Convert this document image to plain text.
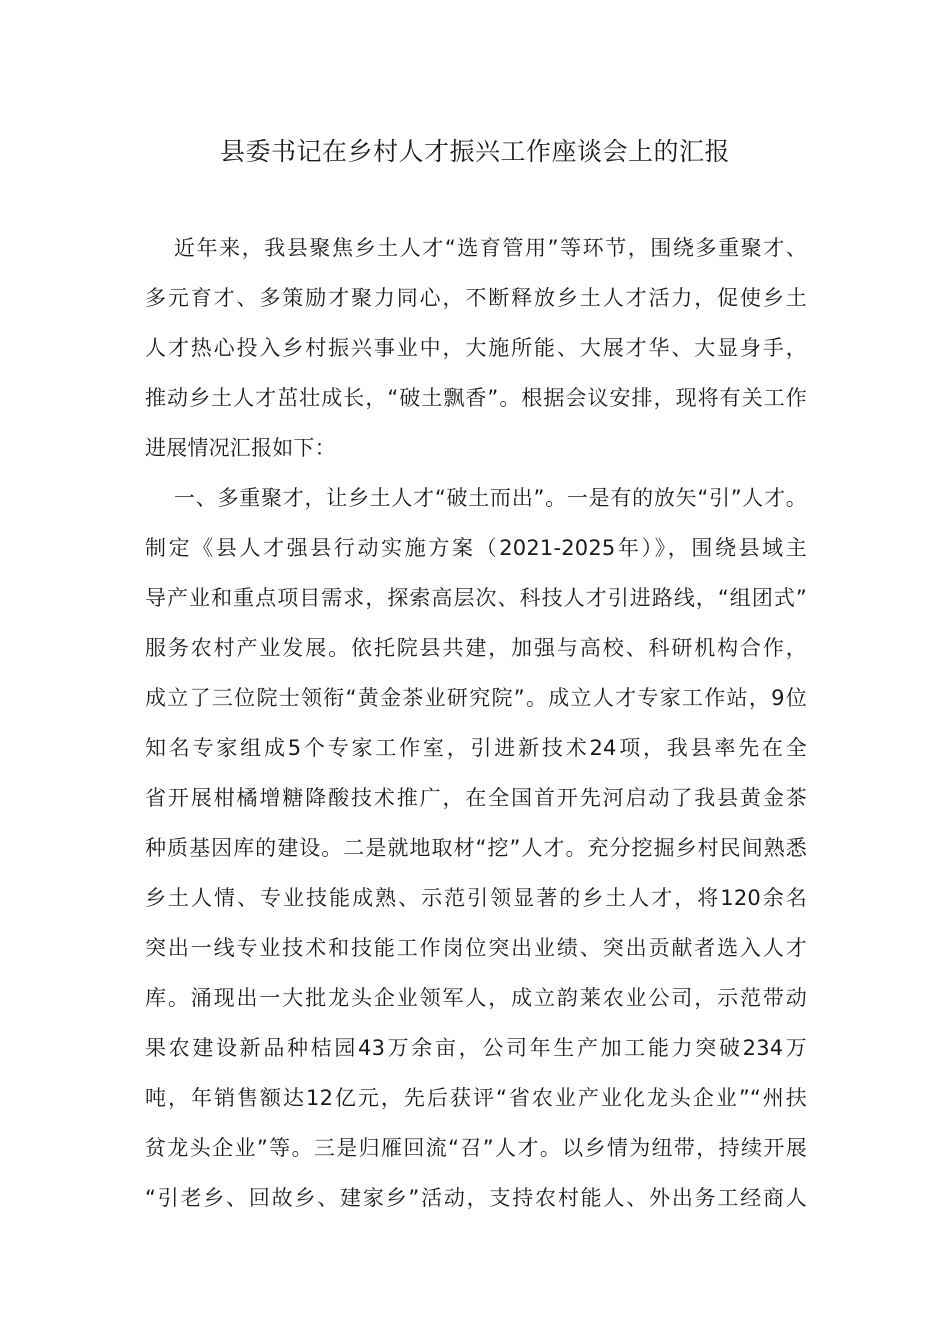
县委书记在乡村人才振兴工作座谈会上的汇报
近年来，我县聚焦乡土人才“选育管用”等环节，围绕多重聚才、
多元育才、多策励才聚力同心，不断释放乡土人才活力，促使乡土
人才热心投入乡村振兴事业中，大施所能、大展才华、大显身手，
推动乡土人才茁壮成长，“破土飘香”。根据会议安排，现将有关工作
进展情况汇报如下：
一、多重聚才，让乡土人才“破土而出”。一是有的放矢“引”人才。
制定《县人才强县行动实施方案（2021-2025年）》，围绕县域主
导产业和重点项目需求，探索高层次、科技人才引进路线，“组团式”
服务农村产业发展。依托院县共建，加强与高校、科研机构合作，
成立了三位院士领衔“黄金茶业研究院”。成立人才专家工作站，9位
知名专家组成5个专家工作室，引进新技术24项，我县率先在全
省开展柑橘增糖降酸技术推广，在全国首开先河启动了我县黄金茶
种质基因库的建设。二是就地取材“挖”人才。充分挖掘乡村民间熟悉
乡土人情、专业技能成熟、示范引领显著的乡土人才，将120余名
突出一线专业技术和技能工作岗位突出业绩、突出贡献者选入人才
库。涌现出一大批龙头企业领军人，成立韵莱农业公司，示范带动
果农建设新品种桔园43万余亩，公司年生产加工能力突破234万
吨，年销售额达12亿元，先后获评“省农业产业化龙头企业”“州扶
贫龙头企业”等。三是归雁回流“召”人才。以乡情为纽带，持续开展
“引老乡、回故乡、建家乡”活动，支持农村能人、外出务工经商人
